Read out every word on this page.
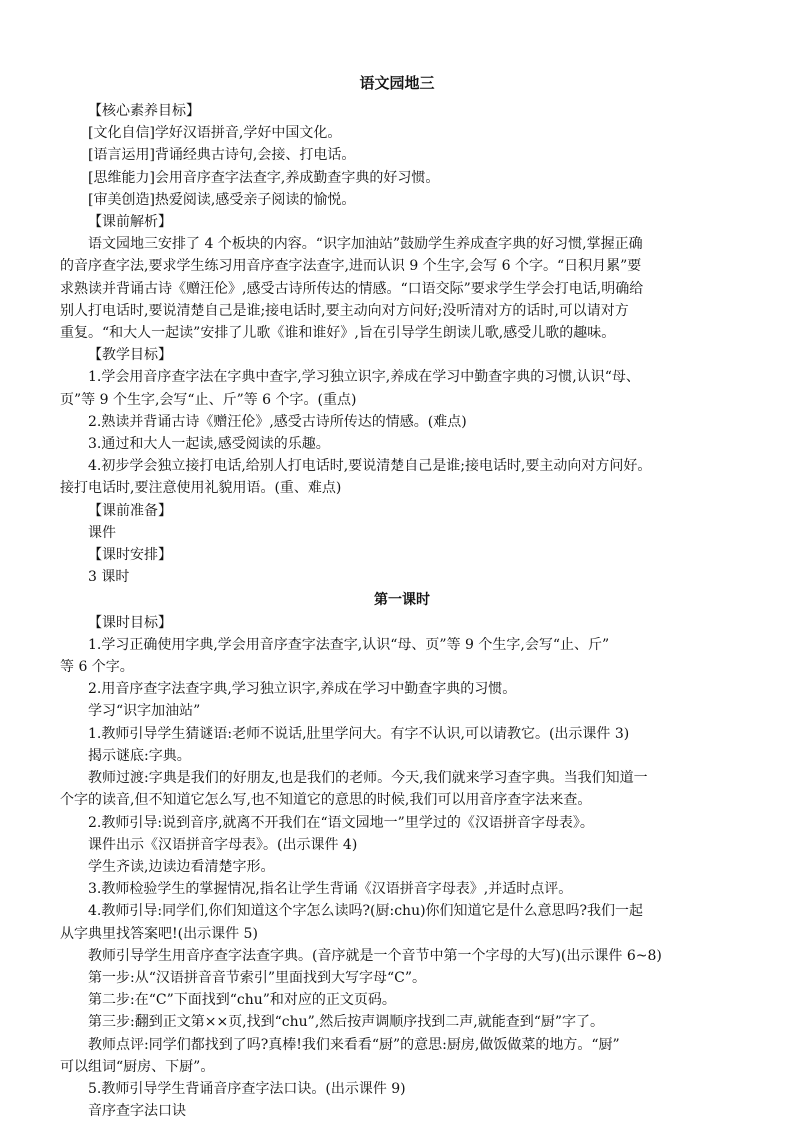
语文园地三

【核心素养目标】

[文化自信]学好汉语拼音,学好中国文化。

[语言运用]背诵经典古诗句,会接、打电话。

[思维能力]会用音序查字法查字,养成勤查字典的好习惯。

[审美创造]热爱阅读,感受亲子阅读的愉悦。

【课前解析】

语文园地三安排了 4 个板块的内容。“识字加油站”鼓励学生养成查字典的好习惯,掌握正确

的音序查字法,要求学生练习用音序查字法查字,进而认识 9 个生字,会写 6 个字。“日积月累”要

求熟读并背诵古诗《赠汪伦》,感受古诗所传达的情感。“口语交际”要求学生学会打电话,明确给

别人打电话时,要说清楚自己是谁;接电话时,要主动向对方问好;没听清对方的话时,可以请对方

重复。“和大人一起读”安排了儿歌《谁和谁好》,旨在引导学生朗读儿歌,感受儿歌的趣味。

【教学目标】

1.学会用音序查字法在字典中查字,学习独立识字,养成在学习中勤查字典的习惯,认识“母、

页”等 9 个生字,会写“止、斤”等 6 个字。(重点)

2.熟读并背诵古诗《赠汪伦》,感受古诗所传达的情感。(难点)

3.通过和大人一起读,感受阅读的乐趣。

4.初步学会独立接打电话,给别人打电话时,要说清楚自己是谁;接电话时,要主动向对方问好。

接打电话时,要注意使用礼貌用语。(重、难点)

【课前准备】

课件

【课时安排】

3 课时

第一课时

【课时目标】

1.学习正确使用字典,学会用音序查字法查字,认识“母、页”等 9 个生字,会写“止、斤”

等 6 个字。

2.用音序查字法查字典,学习独立识字,养成在学习中勤查字典的习惯。

学习“识字加油站”

1.教师引导学生猜谜语:老师不说话,肚里学问大。有字不认识,可以请教它。(出示课件 3)

揭示谜底:字典。

教师过渡:字典是我们的好朋友,也是我们的老师。今天,我们就来学习查字典。当我们知道一

个字的读音,但不知道它怎么写,也不知道它的意思的时候,我们可以用音序查字法来查。

2.教师引导:说到音序,就离不开我们在“语文园地一”里学过的《汉语拼音字母表》。

课件出示《汉语拼音字母表》。(出示课件 4)

学生齐读,边读边看清楚字形。

3.教师检验学生的掌握情况,指名让学生背诵《汉语拼音字母表》,并适时点评。

4.教师引导:同学们,你们知道这个字怎么读吗?(厨:chu)你们知道它是什么意思吗?我们一起

从字典里找答案吧!(出示课件 5)

教师引导学生用音序查字法查字典。(音序就是一个音节中第一个字母的大写)(出示课件 6~8)

第一步:从“汉语拼音音节索引”里面找到大写字母“C”。

第二步:在“C”下面找到“chu”和对应的正文页码。

第三步:翻到正文第××页,找到“chu”,然后按声调顺序找到二声,就能查到“厨”字了。

教师点评:同学们都找到了吗?真棒!我们来看看“厨”的意思:厨房,做饭做菜的地方。“厨”

可以组词“厨房、下厨”。

5.教师引导学生背诵音序查字法口诀。(出示课件 9)

音序查字法口诀
